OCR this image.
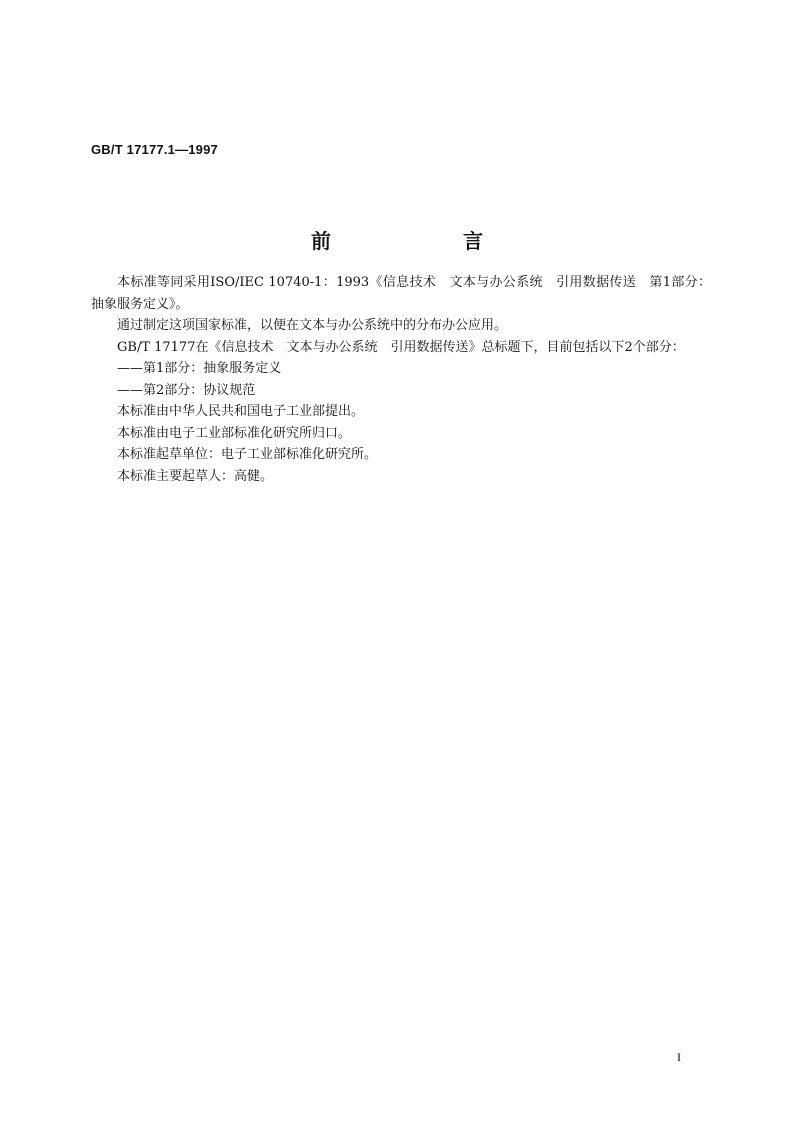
GB/T 17177.1—1997
前　言

本标准等同采用ISO/IEC 10740-1：1993《信息技术　文本与办公系统　引用数据传送　第1部分：抽象服务定义》。

通过制定这项国家标准，以便在文本与办公系统中的分布办公应用。

GB/T 17177在《信息技术　文本与办公系统　引用数据传送》总标题下，目前包括以下2个部分：

——第1部分：抽象服务定义

——第2部分：协议规范

本标准由中华人民共和国电子工业部提出。

本标准由电子工业部标准化研究所归口。

本标准起草单位：电子工业部标准化研究所。

本标准主要起草人：高健。

I
